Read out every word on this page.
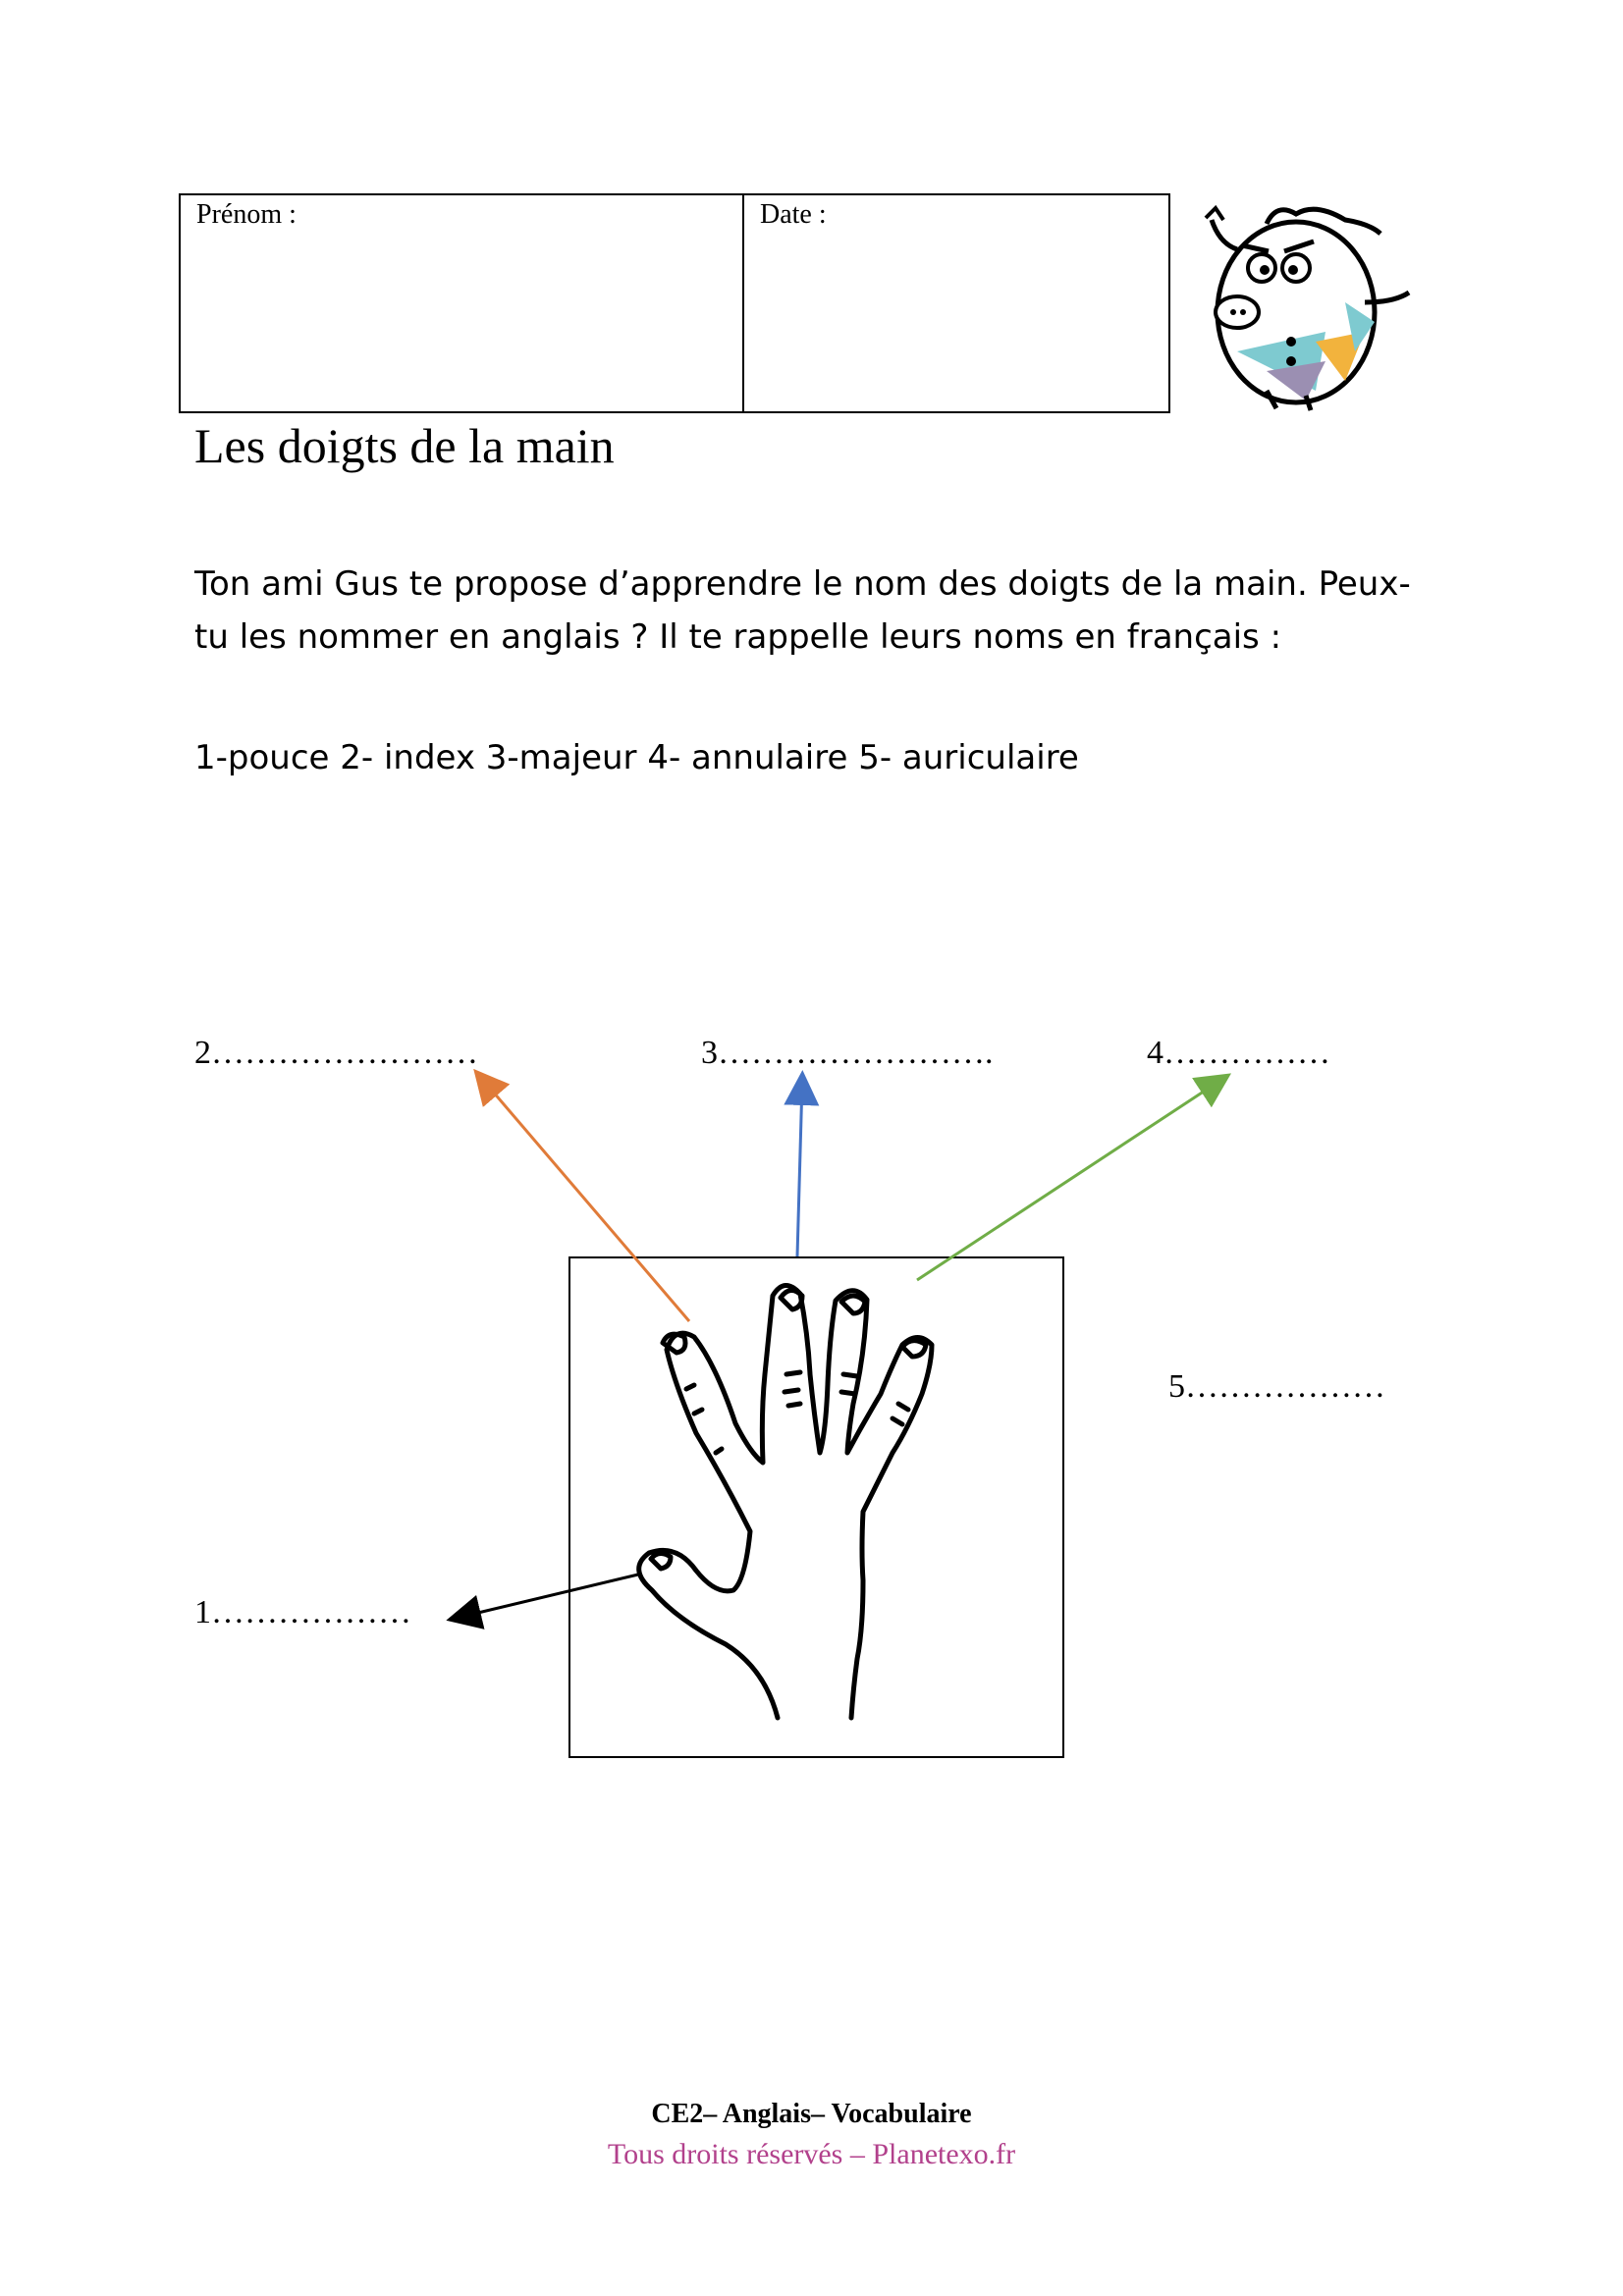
Prénom :	Date :
Les doigts de la main

Ton ami Gus te propose d’apprendre le nom des doigts de la main. Peux-tu les nommer en anglais ? Il te rappelle leurs noms en français :

1-pouce 2- index 3-majeur 4- annulaire 5- auriculaire

2……………………	3…………………….	4……………
5………………
1………………
CE2– Anglais– Vocabulaire
Tous droits réservés – Planetexo.fr
